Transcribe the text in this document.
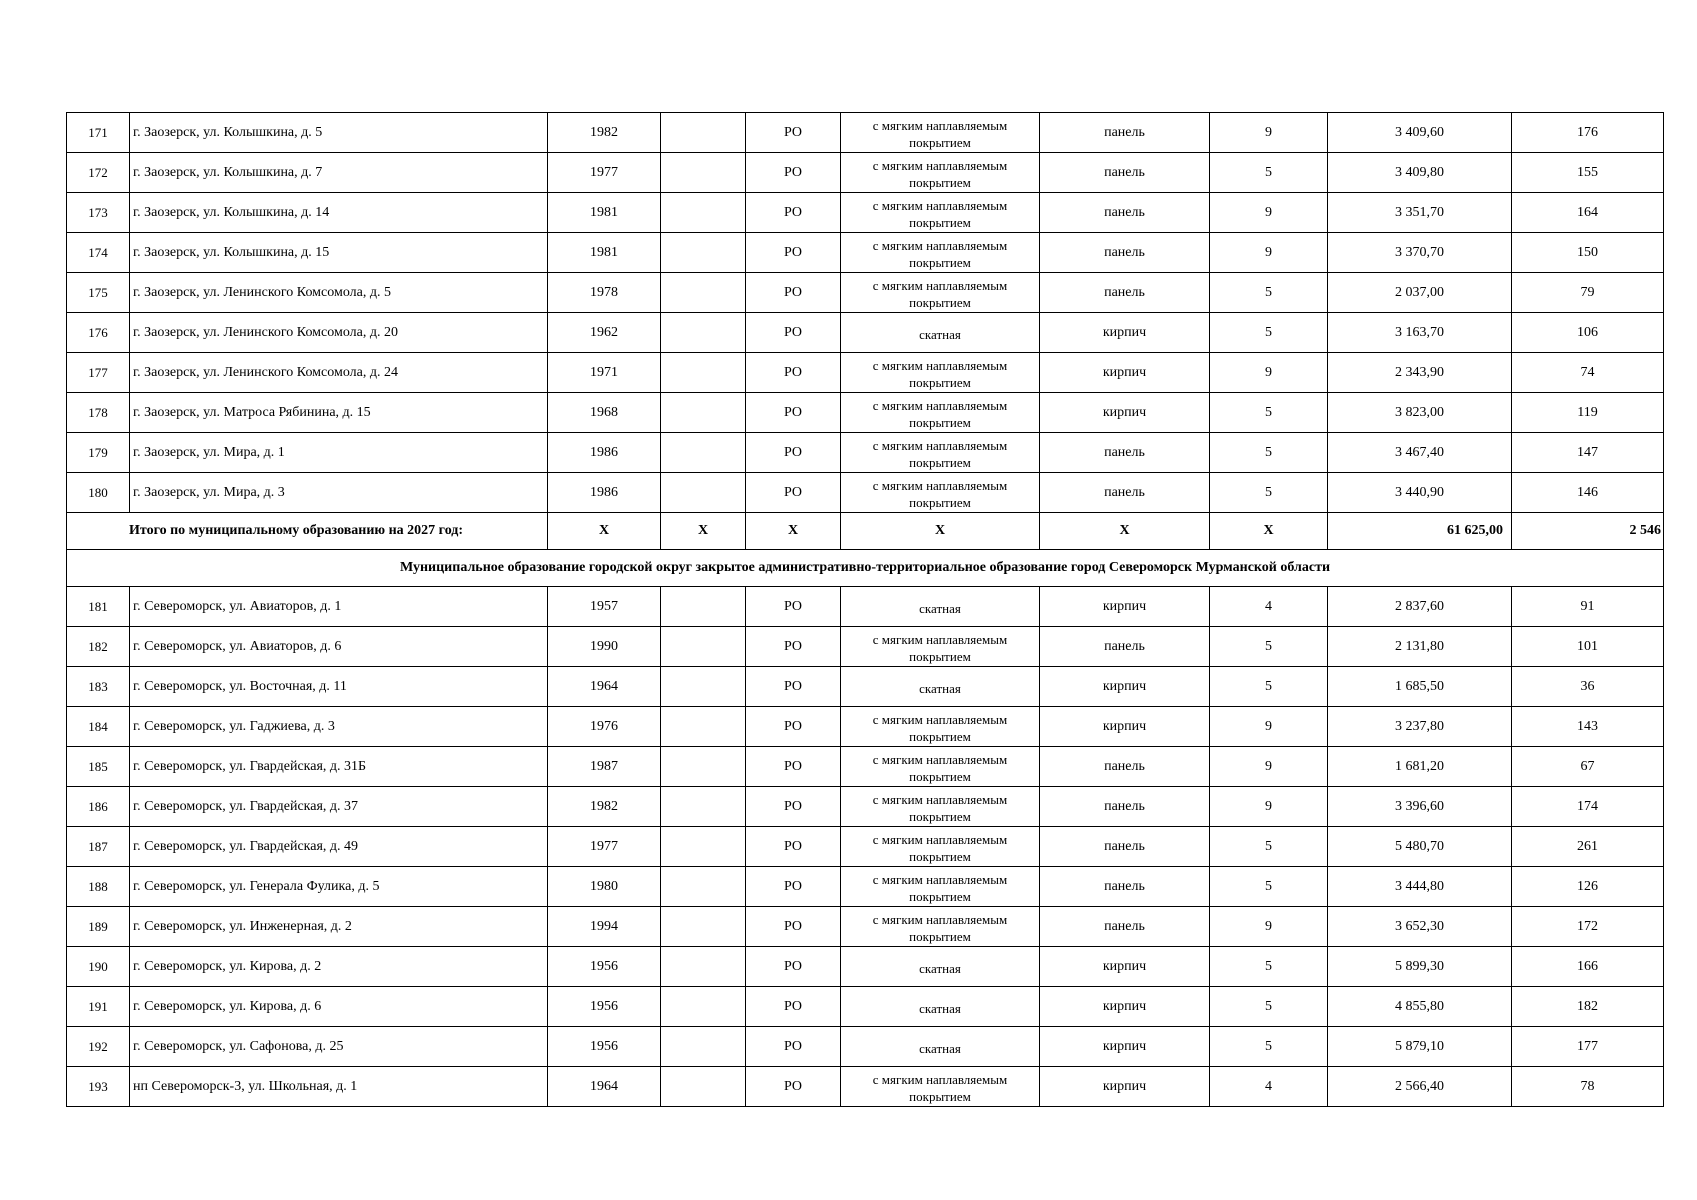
171	г. Заозерск, ул. Колышкина, д. 5	1982		РО	с мягким наплавляемым покрытием	панель	9	3 409,60	176
172	г. Заозерск, ул. Колышкина, д. 7	1977		РО	с мягким наплавляемым покрытием	панель	5	3 409,80	155
173	г. Заозерск, ул. Колышкина, д. 14	1981		РО	с мягким наплавляемым покрытием	панель	9	3 351,70	164
174	г. Заозерск, ул. Колышкина, д. 15	1981		РО	с мягким наплавляемым покрытием	панель	9	3 370,70	150
175	г. Заозерск, ул. Ленинского Комсомола, д. 5	1978		РО	с мягким наплавляемым покрытием	панель	5	2 037,00	79
176	г. Заозерск, ул. Ленинского Комсомола, д. 20	1962		РО	скатная	кирпич	5	3 163,70	106
177	г. Заозерск, ул. Ленинского Комсомола, д. 24	1971		РО	с мягким наплавляемым покрытием	кирпич	9	2 343,90	74
178	г. Заозерск, ул. Матроса Рябинина, д. 15	1968		РО	с мягким наплавляемым покрытием	кирпич	5	3 823,00	119
179	г. Заозерск, ул. Мира, д. 1	1986		РО	с мягким наплавляемым покрытием	панель	5	3 467,40	147
180	г. Заозерск, ул. Мира, д. 3	1986		РО	с мягким наплавляемым покрытием	панель	5	3 440,90	146
Итого по муниципальному образованию на 2027 год:		Х	Х	Х	Х	Х	Х	61 625,00	2 546
Муниципальное образование городской округ закрытое административно-территориальное образование город Североморск Мурманской области									
181	г. Североморск, ул. Авиаторов, д. 1	1957		РО	скатная	кирпич	4	2 837,60	91
182	г. Североморск, ул. Авиаторов, д. 6	1990		РО	с мягким наплавляемым покрытием	панель	5	2 131,80	101
183	г. Североморск, ул. Восточная, д. 11	1964		РО	скатная	кирпич	5	1 685,50	36
184	г. Североморск, ул. Гаджиева, д. 3	1976		РО	с мягким наплавляемым покрытием	кирпич	9	3 237,80	143
185	г. Североморск, ул. Гвардейская, д. 31Б	1987		РО	с мягким наплавляемым покрытием	панель	9	1 681,20	67
186	г. Североморск, ул. Гвардейская, д. 37	1982		РО	с мягким наплавляемым покрытием	панель	9	3 396,60	174
187	г. Североморск, ул. Гвардейская, д. 49	1977		РО	с мягким наплавляемым покрытием	панель	5	5 480,70	261
188	г. Североморск, ул. Генерала Фулика, д. 5	1980		РО	с мягким наплавляемым покрытием	панель	5	3 444,80	126
189	г. Североморск, ул. Инженерная, д. 2	1994		РО	с мягким наплавляемым покрытием	панель	9	3 652,30	172
190	г. Североморск, ул. Кирова, д. 2	1956		РО	скатная	кирпич	5	5 899,30	166
191	г. Североморск, ул. Кирова, д. 6	1956		РО	скатная	кирпич	5	4 855,80	182
192	г. Североморск, ул. Сафонова, д. 25	1956		РО	скатная	кирпич	5	5 879,10	177
193	нп Североморск-3, ул. Школьная, д. 1	1964		РО	с мягким наплавляемым покрытием	кирпич	4	2 566,40	78
